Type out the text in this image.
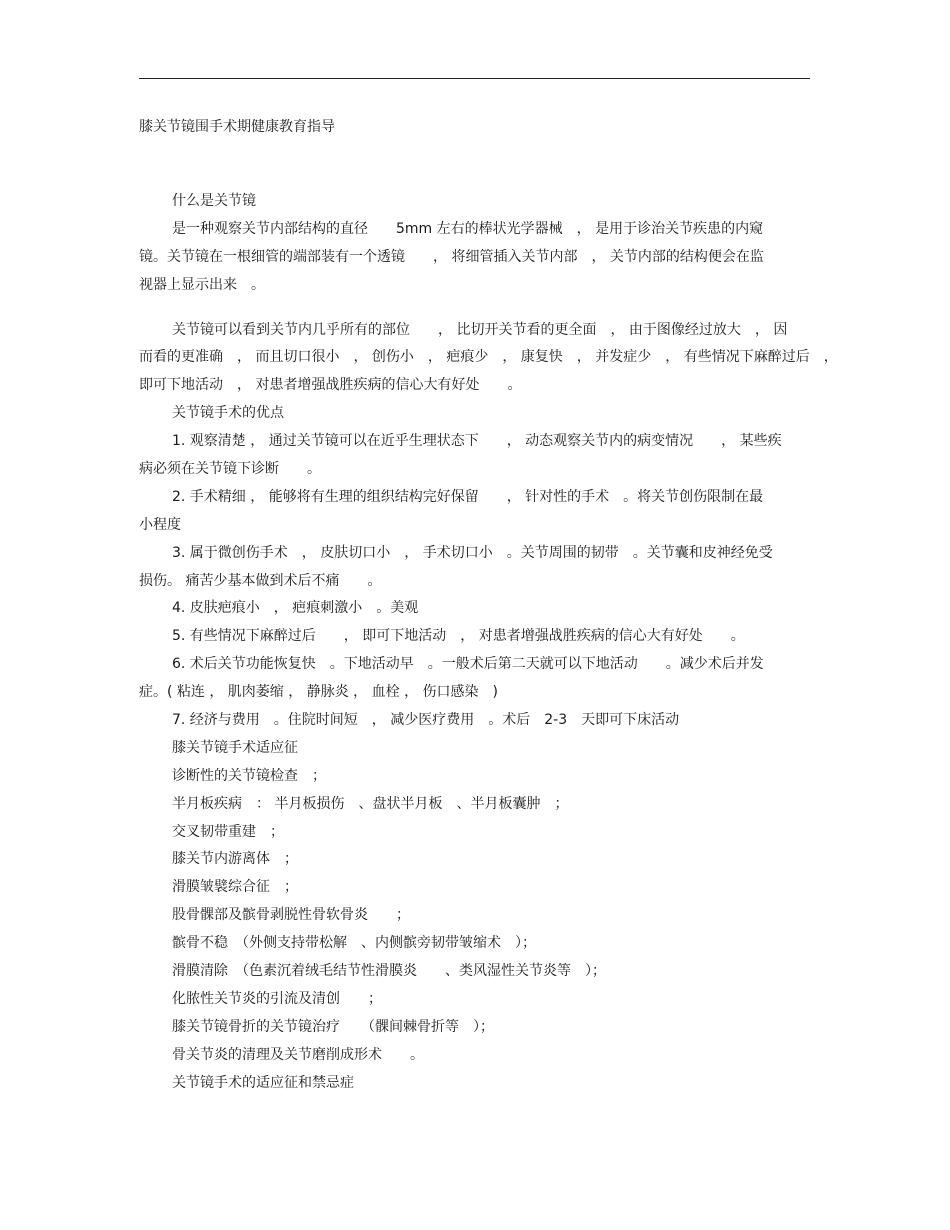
膝关节镜围手术期健康教育指导
什么是关节镜
是一种观察关节内部结构的直径　　5mm 左右的棒状光学器械　， 是用于诊治关节疾患的内窥
镜。关节镜在一根细管的端部装有一个透镜　　， 将细管插入关节内部　， 关节内部的结构便会在监
视器上显示出来　。
关节镜可以看到关节内几乎所有的部位　　， 比切开关节看的更全面　， 由于图像经过放大　， 因
而看的更准确　， 而且切口很小　， 创伤小　， 疤痕少　， 康复快　， 并发症少　， 有些情况下麻醉过后　，
即可下地活动　， 对患者增强战胜疾病的信心大有好处　　。
关节镜手术的优点
1. 观察清楚 ， 通过关节镜可以在近乎生理状态下　　， 动态观察关节内的病变情况　　， 某些疾
病必须在关节镜下诊断　　。
2. 手术精细 ， 能够将有生理的组织结构完好保留　　， 针对性的手术　。将关节创伤限制在最
小程度
3. 属于微创伤手术　， 皮肤切口小　， 手术切口小　。关节周围的韧带　。关节囊和皮神经免受
损伤。 痛苦少基本做到术后不痛　　。
4. 皮肤疤痕小　， 疤痕刺激小　。美观
5. 有些情况下麻醉过后　　， 即可下地活动　， 对患者增强战胜疾病的信心大有好处　　。
6. 术后关节功能恢复快　。下地活动早　。一般术后第二天就可以下地活动　　。减少术后并发
症。( 粘连 ， 肌肉萎缩 ， 静脉炎 ， 血栓 ， 伤口感染　)
7. 经济与费用　。住院时间短　， 减少医疗费用　。术后　2-3　天即可下床活动
膝关节镜手术适应征
诊断性的关节镜检查　；
半月板疾病　： 半月板损伤　、盘状半月板　、半月板囊肿　；
交叉韧带重建　；
膝关节内游离体　；
滑膜皱襞综合征　；
股骨髁部及髌骨剥脱性骨软骨炎　　；
髌骨不稳　（外侧支持带松解　、内侧髌旁韧带皱缩术　）；
滑膜清除　（色素沉着绒毛结节性滑膜炎　　、类风湿性关节炎等　）；
化脓性关节炎的引流及清创　　；
膝关节镜骨折的关节镜治疗　　（髁间棘骨折等　）；
骨关节炎的清理及关节磨削成形术　　。
关节镜手术的适应征和禁忌症
